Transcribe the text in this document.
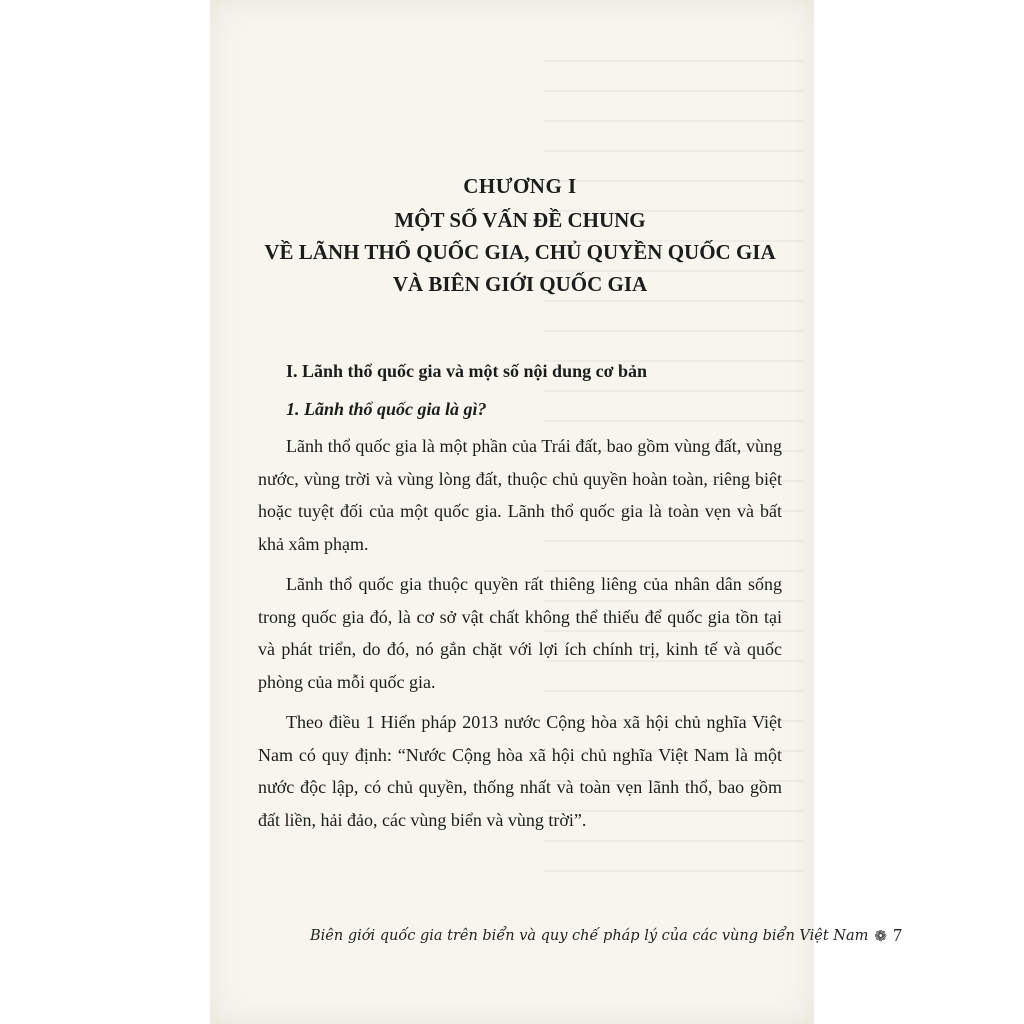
CHƯƠNG I
MỘT SỐ VẤN ĐỀ CHUNG
VỀ LÃNH THỔ QUỐC GIA, CHỦ QUYỀN QUỐC GIA
VÀ BIÊN GIỚI QUỐC GIA
I. Lãnh thổ quốc gia và một số nội dung cơ bản
1. Lãnh thổ quốc gia là gì?

Lãnh thổ quốc gia là một phần của Trái đất, bao gồm vùng đất, vùng nước, vùng trời và vùng lòng đất, thuộc chủ quyền hoàn toàn, riêng biệt hoặc tuyệt đối của một quốc gia. Lãnh thổ quốc gia là toàn vẹn và bất khả xâm phạm.

Lãnh thổ quốc gia thuộc quyền rất thiêng liêng của nhân dân sống trong quốc gia đó, là cơ sở vật chất không thể thiếu để quốc gia tồn tại và phát triển, do đó, nó gắn chặt với lợi ích chính trị, kinh tế và quốc phòng của mỗi quốc gia.

Theo điều 1 Hiến pháp 2013 nước Cộng hòa xã hội chủ nghĩa Việt Nam có quy định: “Nước Cộng hòa xã hội chủ nghĩa Việt Nam là một nước độc lập, có chủ quyền, thống nhất và toàn vẹn lãnh thổ, bao gồm đất liền, hải đảo, các vùng biển và vùng trời”.

Biên giới quốc gia trên biển và quy chế pháp lý của các vùng biển Việt Nam ❁ 7
